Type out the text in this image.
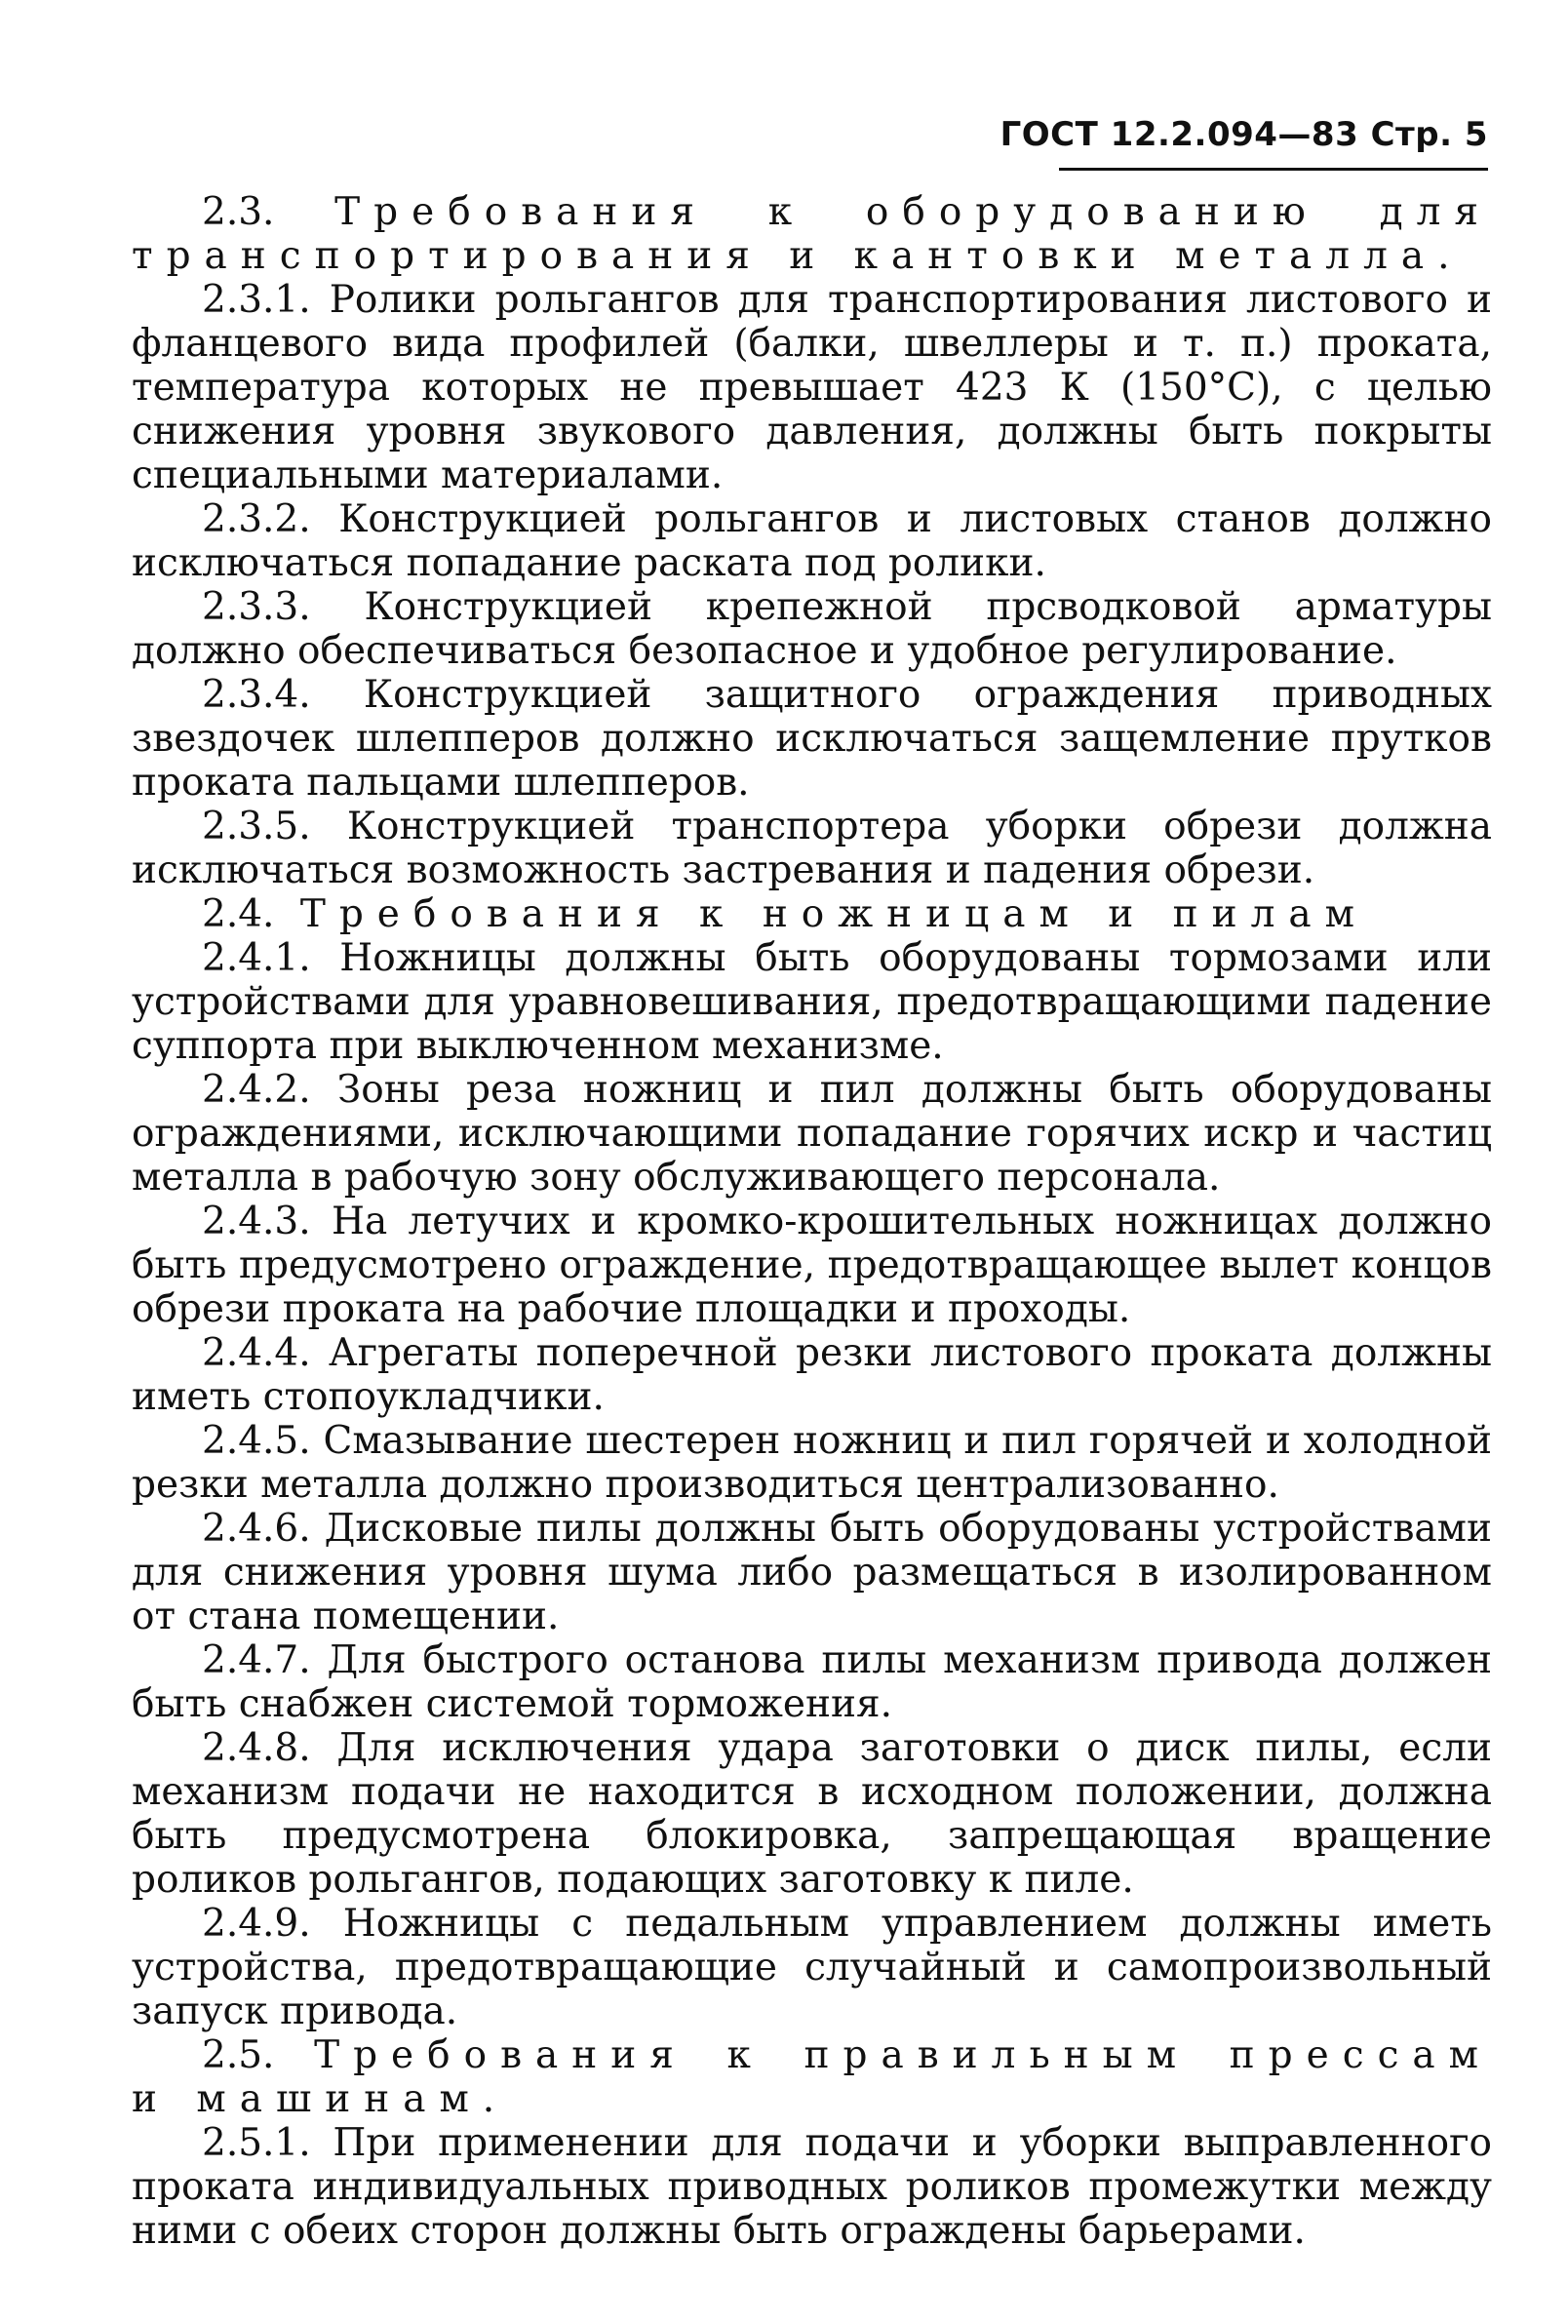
ГОСТ 12.2.094—83 Стр. 5

2.3. Требования к оборудованию для транспортирования и кантовки металла.

2.3.1. Ролики рольгангов для транспортирования листового и фланцевого вида профилей (балки, швеллеры и т. п.) проката, температура которых не превышает 423 К (150°С), с целью снижения уровня звукового давления, должны быть покрыты специальными материалами.

2.3.2. Конструкцией рольгангов и листовых станов должно исключаться попадание раската под ролики.

2.3.3. Конструкцией крепежной прсводковой арматуры должно обеспечиваться безопасное и удобное регулирование.

2.3.4. Конструкцией защитного ограждения приводных звездочек шлепперов должно исключаться защемление прутков проката пальцами шлепперов.

2.3.5. Конструкцией транспортера уборки обрези должна исключаться возможность застревания и падения обрези.

2.4. Требования к ножницам и пилам

2.4.1. Ножницы должны быть оборудованы тормозами или устройствами для уравновешивания, предотвращающими падение суппорта при выключенном механизме.

2.4.2. Зоны реза ножниц и пил должны быть оборудованы ограждениями, исключающими попадание горячих искр и частиц металла в рабочую зону обслуживающего персонала.

2.4.3. На летучих и кромко-крошительных ножницах должно быть предусмотрено ограждение, предотвращающее вылет концов обрези проката на рабочие площадки и проходы.

2.4.4. Агрегаты поперечной резки листового проката должны иметь стопоукладчики.

2.4.5. Смазывание шестерен ножниц и пил горячей и холодной резки металла должно производиться централизованно.

2.4.6. Дисковые пилы должны быть оборудованы устройствами для снижения уровня шума либо размещаться в изолированном от стана помещении.

2.4.7. Для быстрого останова пилы механизм привода должен быть снабжен системой торможения.

2.4.8. Для исключения удара заготовки о диск пилы, если механизм подачи не находится в исходном положении, должна быть предусмотрена блокировка, запрещающая вращение роликов рольгангов, подающих заготовку к пиле.

2.4.9. Ножницы с педальным управлением должны иметь устройства, предотвращающие случайный и самопроизвольный запуск привода.

2.5. Требования к правильным прессам и машинам.

2.5.1. При применении для подачи и уборки выправленного проката индивидуальных приводных роликов промежутки между ними с обеих сторон должны быть ограждены барьерами.
